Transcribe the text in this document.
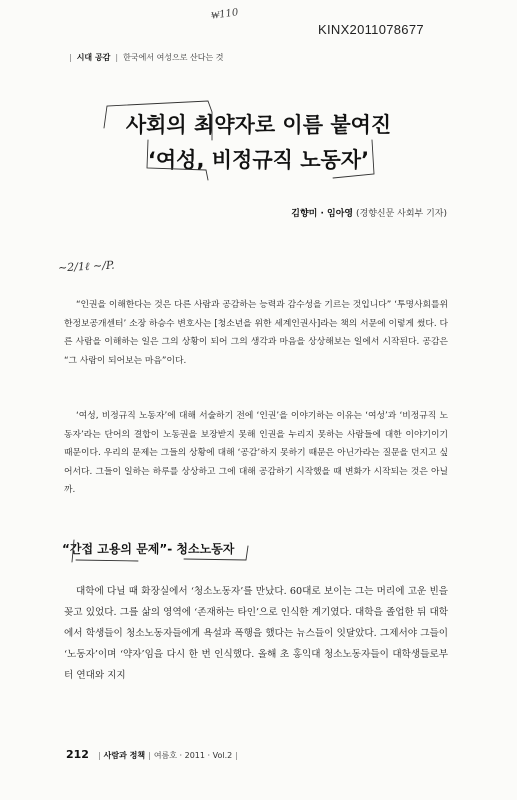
₩110
KINX2011078677
| 시대 공감 | 한국에서 여성으로 산다는 것
사회의 최약자로 이름 붙여진
‘여성, 비정규직 노동자’
김향미 · 임아영 (경향신문 사회부 기자)
~2/1ℓ ~/P.

“인권을 이해한다는 것은 다른 사람과 공감하는 능력과 감수성을 기르는 것입니다” ‘투명사회를위한정보공개센터’ 소장 하승수 변호사는 [청소년을 위한 세계인권사]라는 책의 서문에 이렇게 썼다. 다른 사람을 이해하는 일은 그의 상황이 되어 그의 생각과 마음을 상상해보는 일에서 시작된다. 공감은 “그 사람이 되어보는 마음”이다.

‘여성, 비정규직 노동자’에 대해 서술하기 전에 ‘인권’을 이야기하는 이유는 ‘여성’과 ‘비정규직 노동자’라는 단어의 결합이 노동권을 보장받지 못해 인권을 누리지 못하는 사람들에 대한 이야기이기 때문이다. 우리의 문제는 그들의 상황에 대해 ‘공감’하지 못하기 때문은 아닌가라는 질문을 던지고 싶어서다. 그들이 일하는 하루를 상상하고 그에 대해 공감하기 시작했을 때 변화가 시작되는 것은 아닐까.

“간접 고용의 문제”- 청소노동자

대학에 다닐 때 화장실에서 ‘청소노동자’를 만났다. 60대로 보이는 그는 머리에 고운 빈을 꽂고 있었다. 그를 삶의 영역에 ‘존재하는 타인’으로 인식한 계기였다. 대학을 졸업한 뒤 대학에서 학생들이 청소노동자들에게 욕설과 폭행을 했다는 뉴스들이 잇달았다. 그제서야 그들이 ‘노동자’이며 ‘약자’임을 다시 한 번 인식했다. 올해 초 홍익대 청소노동자들이 대학생들로부터 연대와 지지

212 | 사람과 정책 | 여름호 · 2011 · Vol.2 |
